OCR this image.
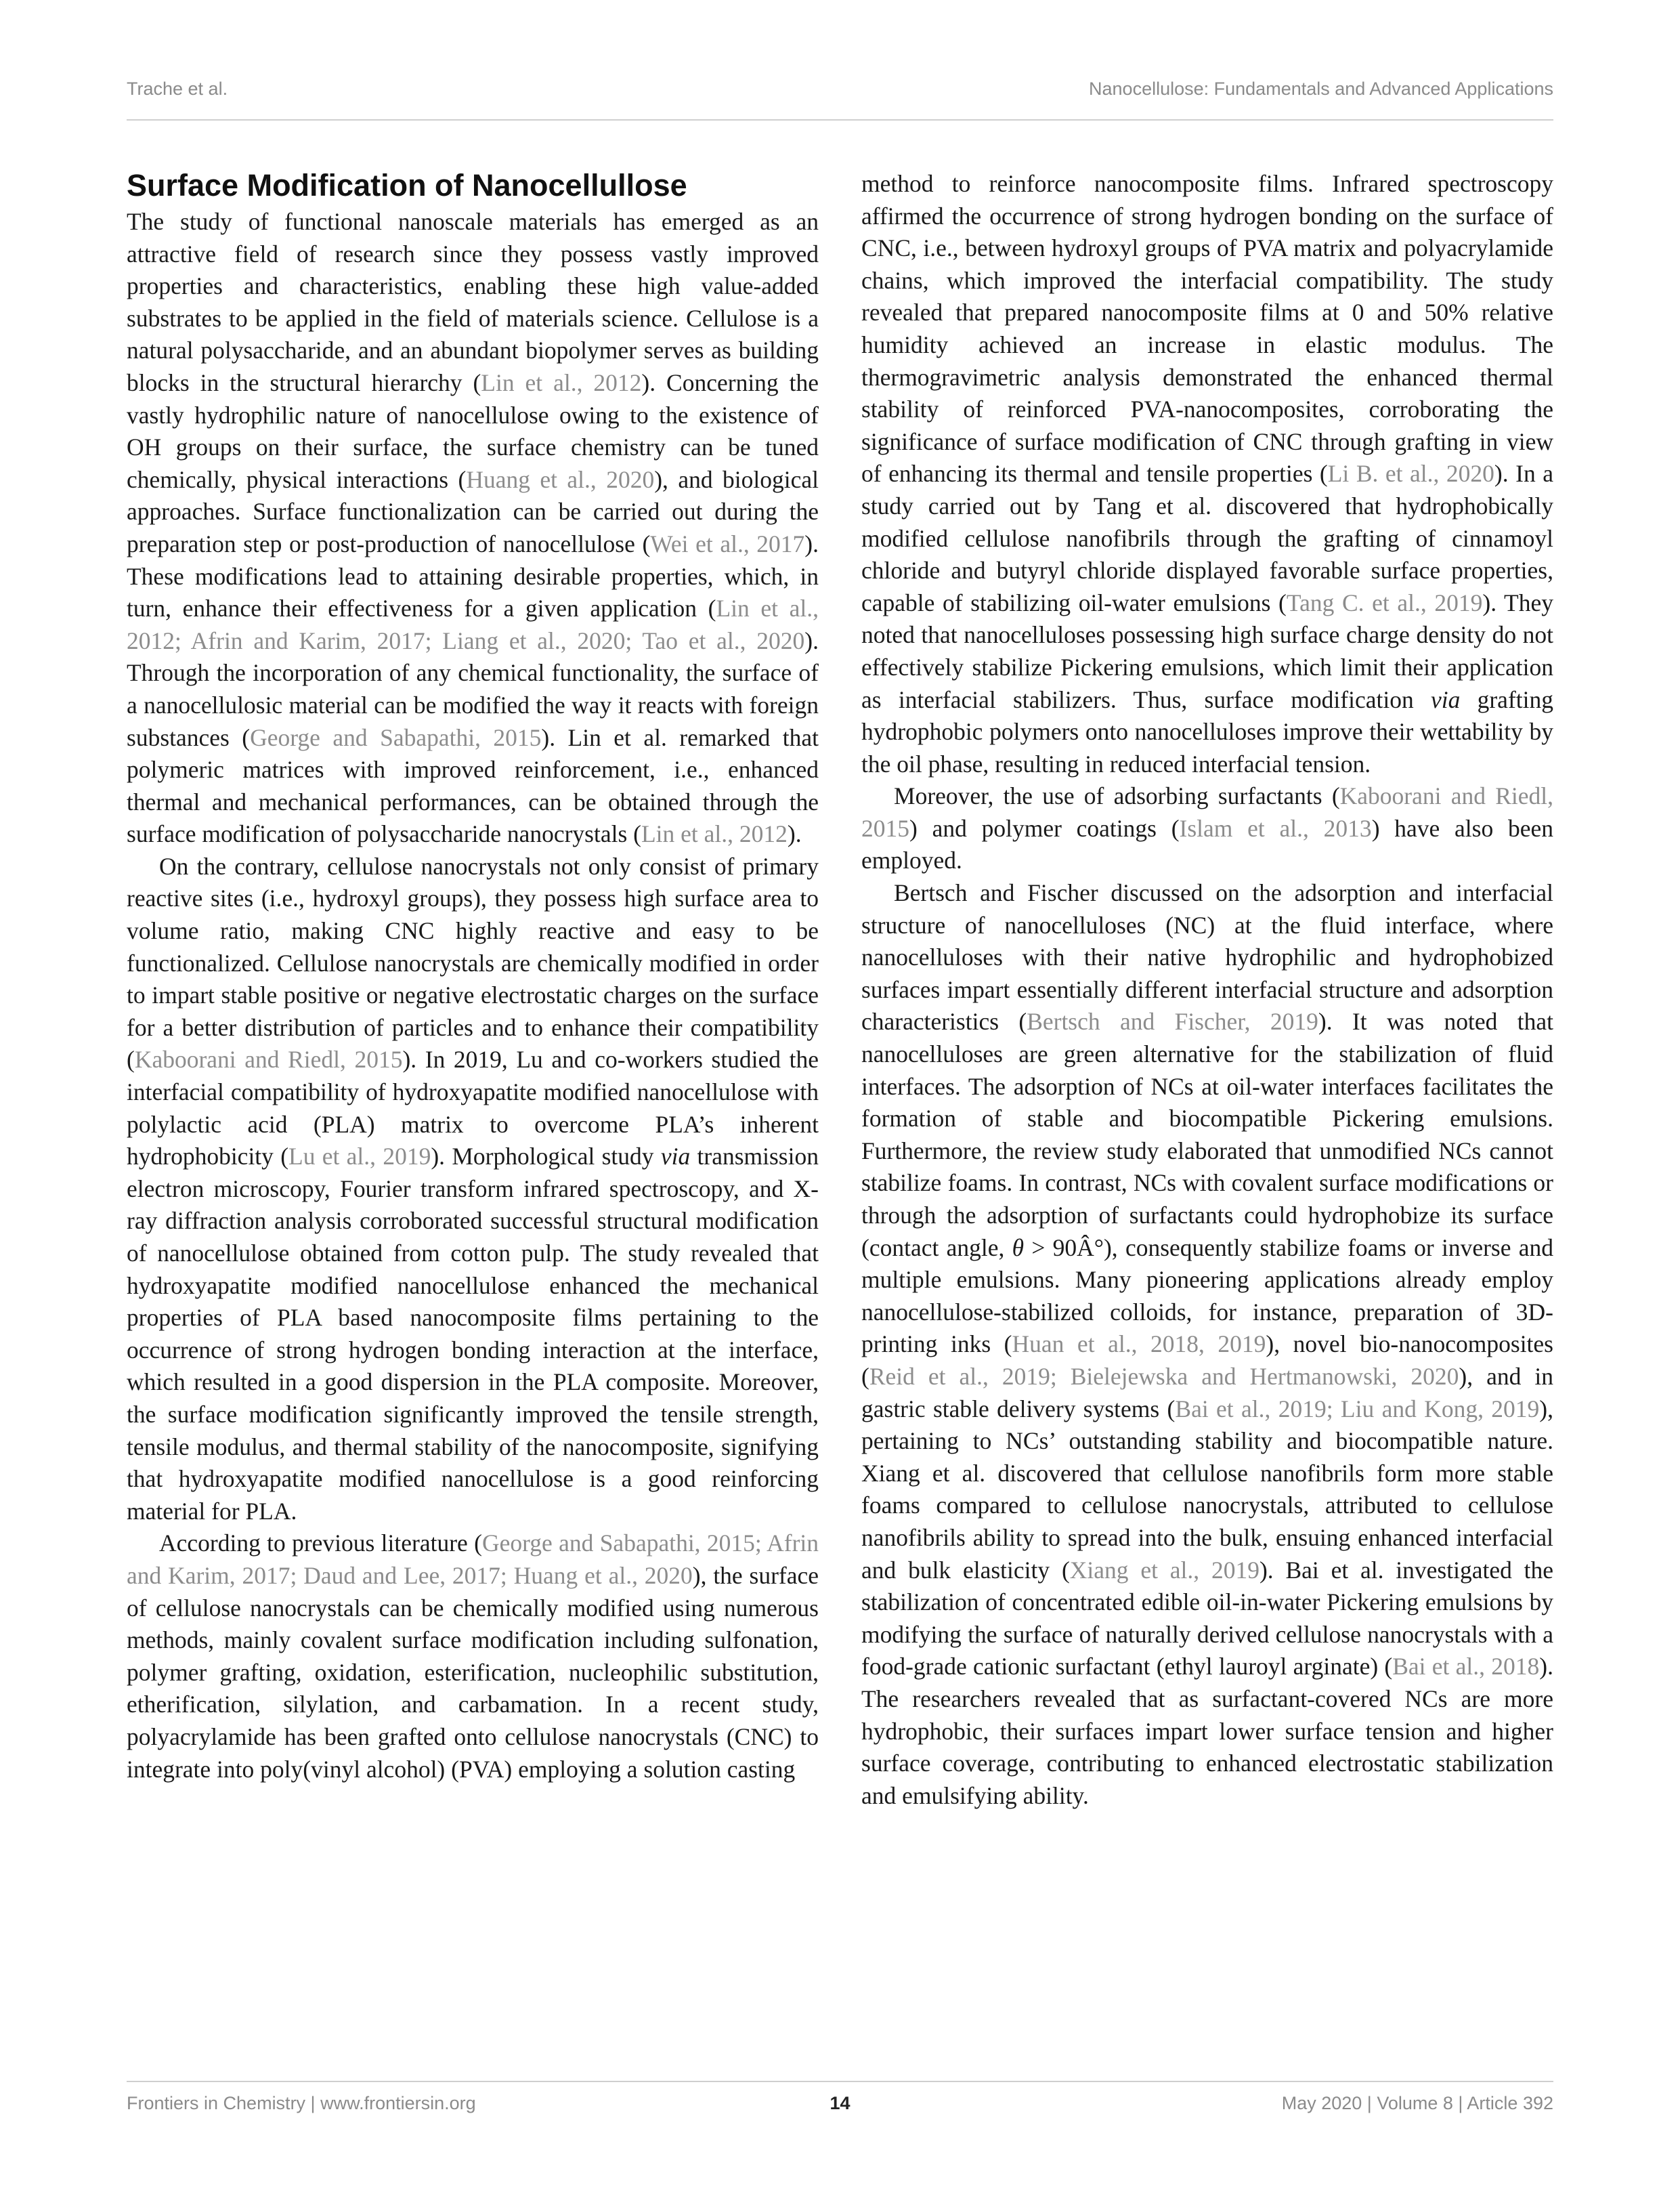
Trache et al.	Nanocellulose: Fundamentals and Advanced Applications
Surface Modification of Nanocellullose

The study of functional nanoscale materials has emerged as an attractive field of research since they possess vastly improved properties and characteristics, enabling these high value-added substrates to be applied in the field of materials science. Cellulose is a natural polysaccharide, and an abundant biopolymer serves as building blocks in the structural hierarchy (Lin et al., 2012). Concerning the vastly hydrophilic nature of nanocellulose owing to the existence of OH groups on their surface, the surface chemistry can be tuned chemically, physical interactions (Huang et al., 2020), and biological approaches. Surface functionalization can be carried out during the preparation step or post-production of nanocellulose (Wei et al., 2017). These modifications lead to attaining desirable properties, which, in turn, enhance their effectiveness for a given application (Lin et al., 2012; Afrin and Karim, 2017; Liang et al., 2020; Tao et al., 2020). Through the incorporation of any chemical functionality, the surface of a nanocellulosic material can be modified the way it reacts with foreign substances (George and Sabapathi, 2015). Lin et al. remarked that polymeric matrices with improved reinforcement, i.e., enhanced thermal and mechanical performances, can be obtained through the surface modification of polysaccharide nanocrystals (Lin et al., 2012).

On the contrary, cellulose nanocrystals not only consist of primary reactive sites (i.e., hydroxyl groups), they possess high surface area to volume ratio, making CNC highly reactive and easy to be functionalized. Cellulose nanocrystals are chemically modified in order to impart stable positive or negative electrostatic charges on the surface for a better distribution of particles and to enhance their compatibility (Kaboorani and Riedl, 2015). In 2019, Lu and co-workers studied the interfacial compatibility of hydroxyapatite modified nanocellulose with polylactic acid (PLA) matrix to overcome PLA’s inherent hydrophobicity (Lu et al., 2019). Morphological study via transmission electron microscopy, Fourier transform infrared spectroscopy, and X-ray diffraction analysis corroborated successful structural modification of nanocellulose obtained from cotton pulp. The study revealed that hydroxyapatite modified nanocellulose enhanced the mechanical properties of PLA based nanocomposite films pertaining to the occurrence of strong hydrogen bonding interaction at the interface, which resulted in a good dispersion in the PLA composite. Moreover, the surface modification significantly improved the tensile strength, tensile modulus, and thermal stability of the nanocomposite, signifying that hydroxyapatite modified nanocellulose is a good reinforcing material for PLA.

According to previous literature (George and Sabapathi, 2015; Afrin and Karim, 2017; Daud and Lee, 2017; Huang et al., 2020), the surface of cellulose nanocrystals can be chemically modified using numerous methods, mainly covalent surface modification including sulfonation, polymer grafting, oxidation, esterification, nucleophilic substitution, etherification, silylation, and carbamation. In a recent study, polyacrylamide has been grafted onto cellulose nanocrystals (CNC) to integrate into poly(vinyl alcohol) (PVA) employing a solution casting

method to reinforce nanocomposite films. Infrared spectroscopy affirmed the occurrence of strong hydrogen bonding on the surface of CNC, i.e., between hydroxyl groups of PVA matrix and polyacrylamide chains, which improved the interfacial compatibility. The study revealed that prepared nanocomposite films at 0 and 50% relative humidity achieved an increase in elastic modulus. The thermogravimetric analysis demonstrated the enhanced thermal stability of reinforced PVA-nanocomposites, corroborating the significance of surface modification of CNC through grafting in view of enhancing its thermal and tensile properties (Li B. et al., 2020). In a study carried out by Tang et al. discovered that hydrophobically modified cellulose nanofibrils through the grafting of cinnamoyl chloride and butyryl chloride displayed favorable surface properties, capable of stabilizing oil-water emulsions (Tang C. et al., 2019). They noted that nanocelluloses possessing high surface charge density do not effectively stabilize Pickering emulsions, which limit their application as interfacial stabilizers. Thus, surface modification via grafting hydrophobic polymers onto nanocelluloses improve their wettability by the oil phase, resulting in reduced interfacial tension.

Moreover, the use of adsorbing surfactants (Kaboorani and Riedl, 2015) and polymer coatings (Islam et al., 2013) have also been employed.

Bertsch and Fischer discussed on the adsorption and interfacial structure of nanocelluloses (NC) at the fluid interface, where nanocelluloses with their native hydrophilic and hydrophobized surfaces impart essentially different interfacial structure and adsorption characteristics (Bertsch and Fischer, 2019). It was noted that nanocelluloses are green alternative for the stabilization of fluid interfaces. The adsorption of NCs at oil-water interfaces facilitates the formation of stable and biocompatible Pickering emulsions. Furthermore, the review study elaborated that unmodified NCs cannot stabilize foams. In contrast, NCs with covalent surface modifications or through the adsorption of surfactants could hydrophobize its surface (contact angle, θ > 90Â°), consequently stabilize foams or inverse and multiple emulsions. Many pioneering applications already employ nanocellulose-stabilized colloids, for instance, preparation of 3D-printing inks (Huan et al., 2018, 2019), novel bio-nanocomposites (Reid et al., 2019; Bielejewska and Hertmanowski, 2020), and in gastric stable delivery systems (Bai et al., 2019; Liu and Kong, 2019), pertaining to NCs’ outstanding stability and biocompatible nature. Xiang et al. discovered that cellulose nanofibrils form more stable foams compared to cellulose nanocrystals, attributed to cellulose nanofibrils ability to spread into the bulk, ensuing enhanced interfacial and bulk elasticity (Xiang et al., 2019). Bai et al. investigated the stabilization of concentrated edible oil-in-water Pickering emulsions by modifying the surface of naturally derived cellulose nanocrystals with a food-grade cationic surfactant (ethyl lauroyl arginate) (Bai et al., 2018). The researchers revealed that as surfactant-covered NCs are more hydrophobic, their surfaces impart lower surface tension and higher surface coverage, contributing to enhanced electrostatic stabilization and emulsifying ability.

Frontiers in Chemistry | www.frontiersin.org	14	May 2020 | Volume 8 | Article 392
